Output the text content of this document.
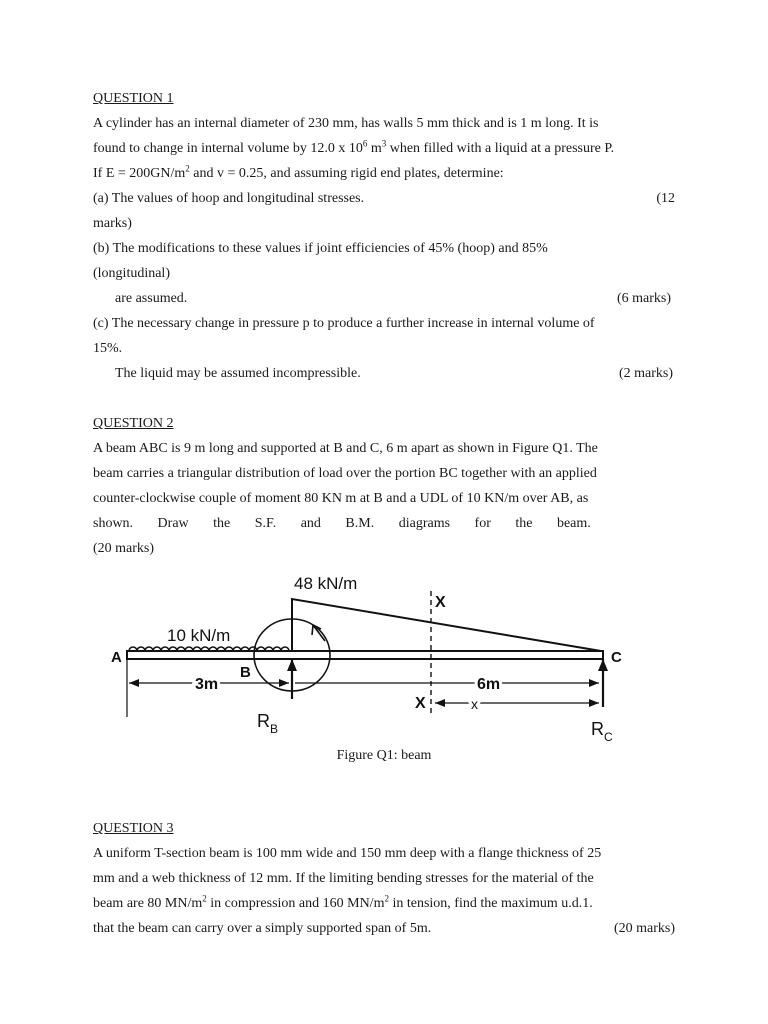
QUESTION 1

A cylinder has an internal diameter of 230 mm, has walls 5 mm thick and is 1 m long. It is

found to change in internal volume by 12.0 x $10^6$ $m^3$ when filled with a liquid at a pressure P.

If $E = 200GN/m^2$ and v = 0.25, and assuming rigid end plates, determine:

(a) The values of hoop and longitudinal stresses.	(12

marks)

(b) The modifications to these values if joint efficiencies of 45% (hoop) and 85%

(longitudinal)

are assumed.	(6 marks)

(c) The necessary change in pressure p to produce a further increase in internal volume of

15%.

The liquid may be assumed incompressible.	(2 marks)

QUESTION 2

A beam ABC is 9 m long and supported at B and C, 6 m apart as shown in Figure Q1. The

beam carries a triangular distribution of load over the portion BC together with an applied

counter-clockwise couple of moment 80 KN m at B and a UDL of 10 KN/m over AB, as

shown.       Draw       the       S.F.       and       B.M.       diagrams       for       the       beam.

(20 marks)

48 kN/m
10 kN/m
A
B
C
X
X
3m	6m
x
$R_B$	$R_C$

Figure Q1: beam

QUESTION 3

A uniform T-section beam is 100 mm wide and 150 mm deep with a flange thickness of 25

mm and a web thickness of 12 mm. If the limiting bending stresses for the material of the

beam are 80 $MN/m^2$ in compression and 160 $MN/m^2$ in tension, find the maximum u.d.1.

that the beam can carry over a simply supported span of 5m.	(20 marks)
